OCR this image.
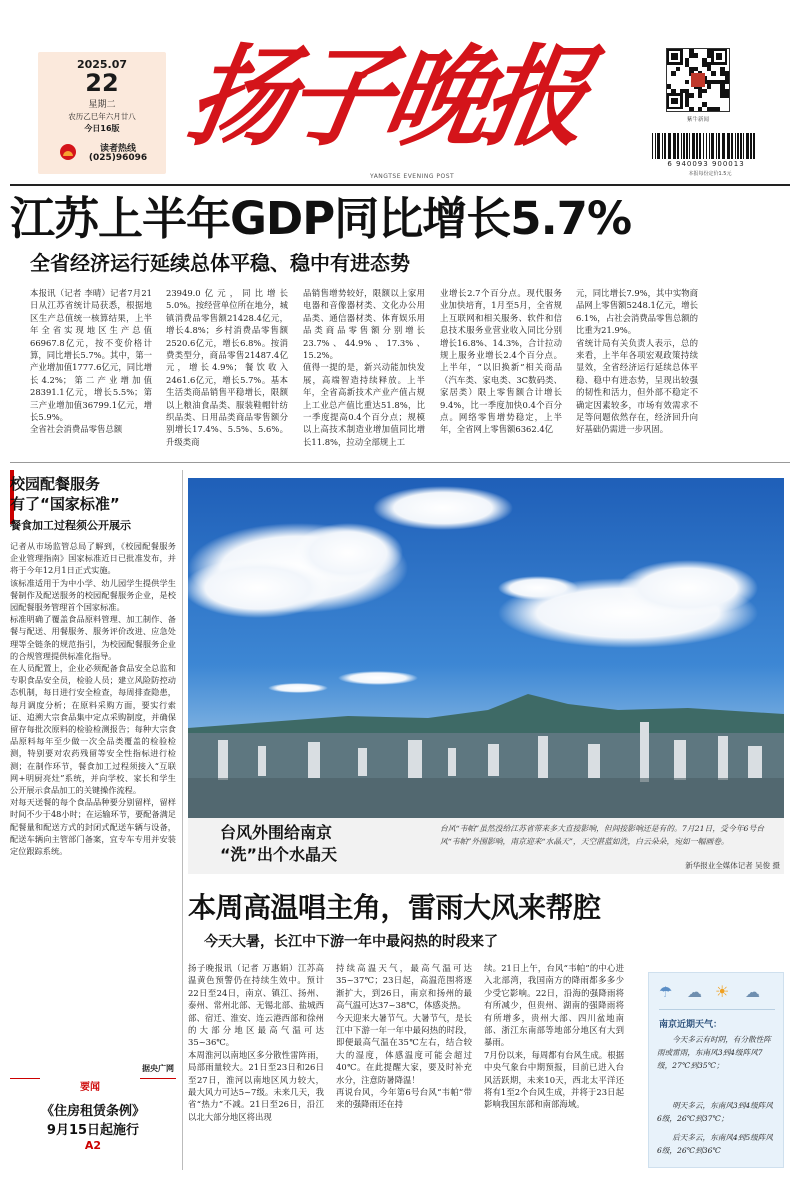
2025.07
22
星期二
农历乙巳年六月廿八
今日16版
读者热线
(025)96096 扬子晚报
YANGTSE EVENING POST
紫牛新闻
6 940093 900013
本报每份定价1.5元
江苏上半年GDP同比增长5.7%
全省经济运行延续总体平稳、稳中有进态势
本报讯（记者 李晴）记者7月21日从江苏省统计局获悉，根据地区生产总值统一核算结果，上半年全省实现地区生产总值66967.8亿元，按不变价格计算，同比增长5.7%。其中，第一产业增加值1777.6亿元，同比增长4.2%；第二产业增加值28391.1亿元，增长5.5%；第三产业增加值36799.1亿元，增长5.9%。
全省社会消费品零售总额
23949.0亿元，同比增长5.0%。按经营单位所在地分，城镇消费品零售额21428.4亿元，增长4.8%；乡村消费品零售额2520.6亿元，增长6.8%。按消费类型分，商品零售21487.4亿元，增长4.9%；餐饮收入2461.6亿元，增长5.7%。基本生活类商品销售平稳增长，限额以上粮油食品类、服装鞋帽针纺织品类、日用品类商品零售额分别增长17.4%、5.5%、5.6%。升级类商
品销售增势较好，限额以上家用电器和音像器材类、文化办公用品类、通信器材类、体育娱乐用品类商品零售额分别增长23.7%、44.9%、17.3%、15.2%。
值得一提的是，新兴动能加快发展，高端智造持续释放。上半年，全省高新技术产业产值占规上工业总产值比重达51.8%，比一季度提高0.4个百分点；规模以上高技术制造业增加值同比增长11.8%，拉动全部规上工
业增长2.7个百分点。现代服务业加快培育，1月至5月，全省规上互联网和相关服务、软件和信息技术服务业营业收入同比分别增长16.8%、14.3%，合计拉动规上服务业增长2.4个百分点。上半年，“以旧换新”相关商品（汽车类、家电类、3C数码类、家居类）限上零售额合计增长9.4%，比一季度加快0.4个百分点。网络零售增势稳定，上半年，全省网上零售额6362.4亿
元，同比增长7.9%，其中实物商品网上零售额5248.1亿元，增长6.1%，占社会消费品零售总额的比重为21.9%。
省统计局有关负责人表示，总的来看，上半年各项宏观政策持续显效，全省经济运行延续总体平稳、稳中有进态势，呈现出较强的韧性和活力，但外部不稳定不确定因素较多，市场有效需求不足等问题依然存在，经济回升向好基础仍需进一步巩固。
校园配餐服务
有了“国家标准”
餐食加工过程须公开展示
记者从市场监管总局了解到，《校园配餐服务企业管理指南》国家标准近日已批准发布，并将于今年12月1日正式实施。
该标准适用于为中小学、幼儿园学生提供学生餐制作及配送服务的校园配餐服务企业，是校园配餐服务管理首个国家标准。
标准明确了覆盖食品原料管理、加工制作、备餐与配送、用餐服务、服务评价改进、应急处理等全链条的规范指引，为校园配餐服务企业的合规管理提供标准化指导。
在人员配置上，企业必须配备食品安全总监和专职食品安全员，检验人员；建立风险防控动态机制，每日进行安全检查，每周排查隐患，每月调度分析；在原料采购方面，要实行索证、追溯大宗食品集中定点采购制度，并确保留存每批次原料的检验检测报告；每种大宗食品原料每年至少做一次全品类覆盖的检验检测，特别要对农药残留等安全性指标进行检测；在制作环节，餐食加工过程须接入“互联网+明厨亮灶”系统，并向学校、家长和学生公开展示食品加工的关键操作流程。
对每天送餐的每个食品品种要分别留样，留样时间不少于48小时；在运输环节，要配备满足配餐量和配送方式的封闭式配送车辆与设备，配送车辆向主管部门备案，宜专车专用并安装定位跟踪系统。
据央广网
要闻
《住房租赁条例》
9月15日起施行
A2
台风外围给南京
“洗”出个水晶天
台风“韦帕”虽然没给江苏省带来多大直接影响，但间接影响还是有的。7月21日，受今年6号台风“韦帕”外围影响，南京迎来“水晶天”，天空湛蓝如洗，白云朵朵，宛如一幅画卷。
新华报业全媒体记者 吴俊 摄
本周高温唱主角，雷雨大风来帮腔
今天大暑，长江中下游一年中最闷热的时段来了
扬子晚报讯（记者 万惠娟）江苏高温黄色预警仍在持续生效中。预计22日至24日，南京、镇江、扬州、泰州、常州北部、无锡北部、盐城西部、宿迁、淮安、连云港西部和徐州的大部分地区最高气温可达35~36℃。
本周淮河以南地区多分散性雷阵雨，局部雨量较大。21日至23日和26日至27日，淮河以南地区风力较大，最大风力可达5~7级。未来几天，我省“热力”不减。21日至26日，沿江以北大部分地区将出现
持续高温天气，最高气温可达35~37℃；23日起，高温范围将逐渐扩大，到26日，南京和扬州的最高气温可达37~38℃，体感炎热。
今天迎来大暑节气。大暑节气，是长江中下游一年一年中最闷热的时段，即便最高气温在35℃左右，结合较大的湿度，体感温度可能会超过40℃。在此提醒大家，要及时补充水分，注意防暑降温！
再说台风，今年第6号台风“韦帕”带来的强降雨还在持
续。21日上午，台风“韦帕”的中心进入北部湾，我国南方的降雨都多多少少受它影响。22日，沿海的强降雨将有所减少，但贵州、湖南的强降雨将有所增多，贵州大部、四川盆地南部、浙江东南部等地部分地区有大到暴雨。
7月份以来，每周都有台风生成。根据中央气象台中期预报，目前已进入台风活跃期，未来10天，西北太平洋还将有1至2个台风生成，并将于23日起影响我国东部和南部海域。
☂ ☁ ☀ ☁
南京近期天气：
今天多云有时阴，有分散性阵雨或雷雨，东南风3到4级阵风7级，27℃到35℃；
明天多云，东南风3到4级阵风6级，26℃到37℃；
后天多云，东南风4到5级阵风6级，26℃到36℃
